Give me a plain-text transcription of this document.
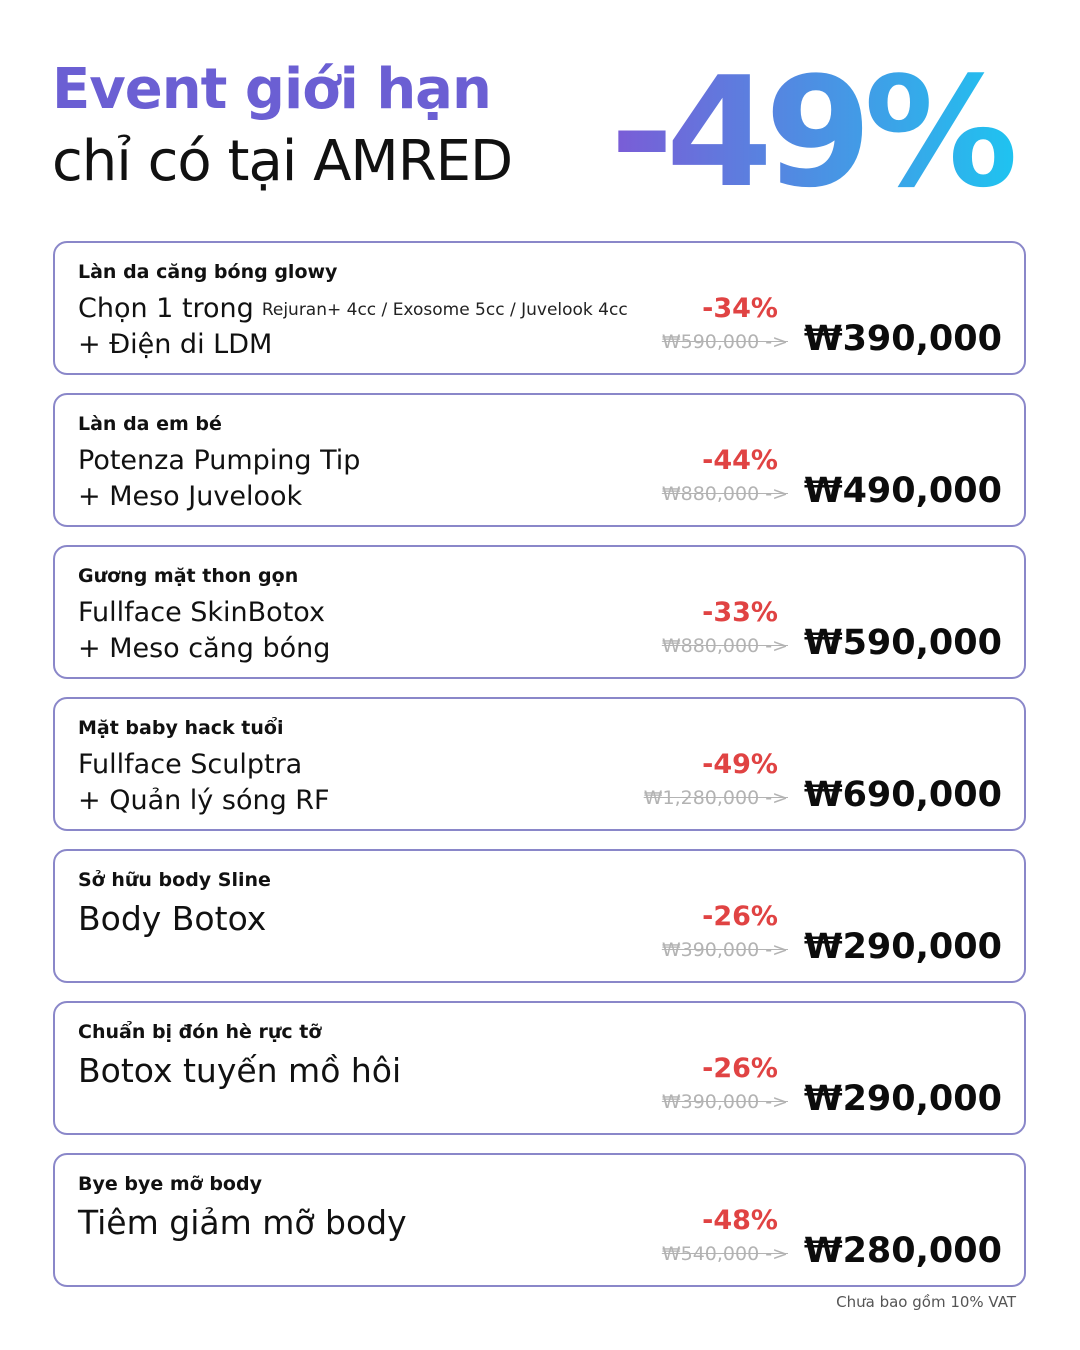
Event giới hạn
chỉ có tại AMRED -49%
Làn da căng bóng glowy
Chọn 1 trong Rejuran+ 4cc / Exosome 5cc / Juvelook 4cc
+ Điện di LDM
-34%
₩590,000 -> ₩390,000
Làn da em bé
Potenza Pumping Tip
+ Meso Juvelook
-44%
₩880,000 -> ₩490,000
Gương mặt thon gọn
Fullface SkinBotox
+ Meso căng bóng
-33%
₩880,000 -> ₩590,000
Mặt baby hack tuổi
Fullface Sculptra
+ Quản lý sóng RF
-49%
₩1,280,000 -> ₩690,000
Sở hữu body Sline
Body Botox	-26%
₩390,000 -> ₩290,000
Chuẩn bị đón hè rực tỡ
Botox tuyến mồ hôi	-26%
₩390,000 -> ₩290,000
Bye bye mỡ body
Tiêm giảm mỡ body	-48%
₩540,000 -> ₩280,000
Chưa bao gồm 10% VAT
